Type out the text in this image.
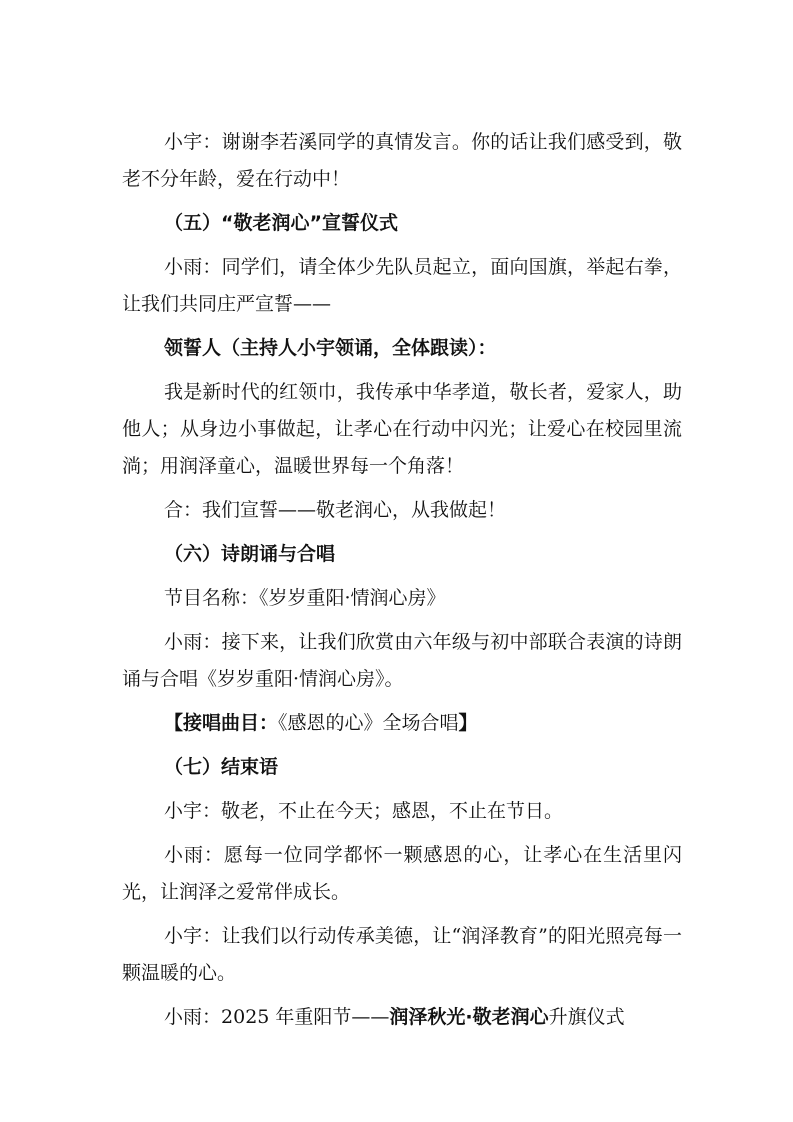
小宇：谢谢李若溪同学的真情发言。你的话让我们感受到，敬老不分年龄，爱在行动中！

（五）“敬老润心”宣誓仪式

小雨：同学们，请全体少先队员起立，面向国旗，举起右拳，让我们共同庄严宣誓——

领誓人（主持人小宇领诵，全体跟读）：

我是新时代的红领巾，我传承中华孝道，敬长者，爱家人，助他人；从身边小事做起，让孝心在行动中闪光；让爱心在校园里流淌；用润泽童心，温暖世界每一个角落！

合：我们宣誓——敬老润心，从我做起！

（六）诗朗诵与合唱

节目名称：《岁岁重阳·情润心房》

小雨：接下来，让我们欣赏由六年级与初中部联合表演的诗朗诵与合唱《岁岁重阳·情润心房》。

【接唱曲目：《感恩的心》全场合唱】

（七）结束语

小宇：敬老，不止在今天；感恩，不止在节日。

小雨：愿每一位同学都怀一颗感恩的心，让孝心在生活里闪光，让润泽之爱常伴成长。

小宇：让我们以行动传承美德，让“润泽教育”的阳光照亮每一颗温暖的心。

小雨：2025 年重阳节——润泽秋光·敬老润心升旗仪式
